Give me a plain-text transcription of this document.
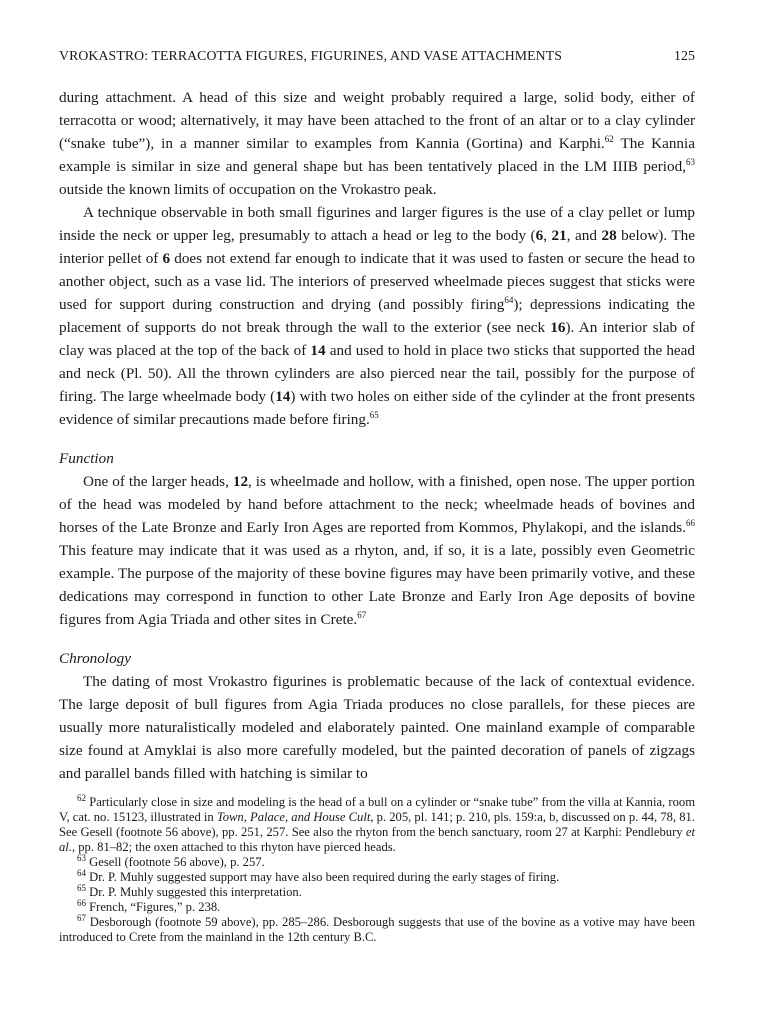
VROKASTRO: TERRACOTTA FIGURES, FIGURINES, AND VASE ATTACHMENTS	125

during attachment. A head of this size and weight probably required a large, solid body, either of terracotta or wood; alternatively, it may have been attached to the front of an altar or to a clay cylinder (“snake tube”), in a manner similar to examples from Kannia (Gortina) and Karphi.$^{62}$ The Kannia example is similar in size and general shape but has been tentatively placed in the LM IIIB period,$^{63}$ outside the known limits of occupation on the Vrokastro peak.

A technique observable in both small figurines and larger figures is the use of a clay pellet or lump inside the neck or upper leg, presumably to attach a head or leg to the body (6, 21, and 28 below). The interior pellet of 6 does not extend far enough to indicate that it was used to fasten or secure the head to another object, such as a vase lid. The interiors of preserved wheelmade pieces suggest that sticks were used for support during construction and drying (and possibly firing$^{64}$); depressions indicating the placement of supports do not break through the wall to the exterior (see neck 16). An interior slab of clay was placed at the top of the back of 14 and used to hold in place two sticks that supported the head and neck (Pl. 50). All the thrown cylinders are also pierced near the tail, possibly for the purpose of firing. The large wheelmade body (14) with two holes on either side of the cylinder at the front presents evidence of similar precautions made before firing.$^{65}$

Function

One of the larger heads, 12, is wheelmade and hollow, with a finished, open nose. The upper portion of the head was modeled by hand before attachment to the neck; wheelmade heads of bovines and horses of the Late Bronze and Early Iron Ages are reported from Kommos, Phylakopi, and the islands.$^{66}$ This feature may indicate that it was used as a rhyton, and, if so, it is a late, possibly even Geometric example. The purpose of the majority of these bovine figures may have been primarily votive, and these dedications may correspond in function to other Late Bronze and Early Iron Age deposits of bovine figures from Agia Triada and other sites in Crete.$^{67}$

Chronology

The dating of most Vrokastro figurines is problematic because of the lack of contextual evidence. The large deposit of bull figures from Agia Triada produces no close parallels, for these pieces are usually more naturalistically modeled and elaborately painted. One mainland example of comparable size found at Amyklai is also more carefully modeled, but the painted decoration of panels of zigzags and parallel bands filled with hatching is similar to

$^{62}$ Particularly close in size and modeling is the head of a bull on a cylinder or “snake tube” from the villa at Kannia, room V, cat. no. 15123, illustrated in Town, Palace, and House Cult, p. 205, pl. 141; p. 210, pls. 159:a, b, discussed on p. 44, 78, 81. See Gesell (footnote 56 above), pp. 251, 257. See also the rhyton from the bench sanctuary, room 27 at Karphi: Pendlebury et al., pp. 81–82; the oxen attached to this rhyton have pierced heads.

$^{63}$ Gesell (footnote 56 above), p. 257.

$^{64}$ Dr. P. Muhly suggested support may have also been required during the early stages of firing.

$^{65}$ Dr. P. Muhly suggested this interpretation.

$^{66}$ French, “Figures,” p. 238.

$^{67}$ Desborough (footnote 59 above), pp. 285–286. Desborough suggests that use of the bovine as a votive may have been introduced to Crete from the mainland in the 12th century B.C.
